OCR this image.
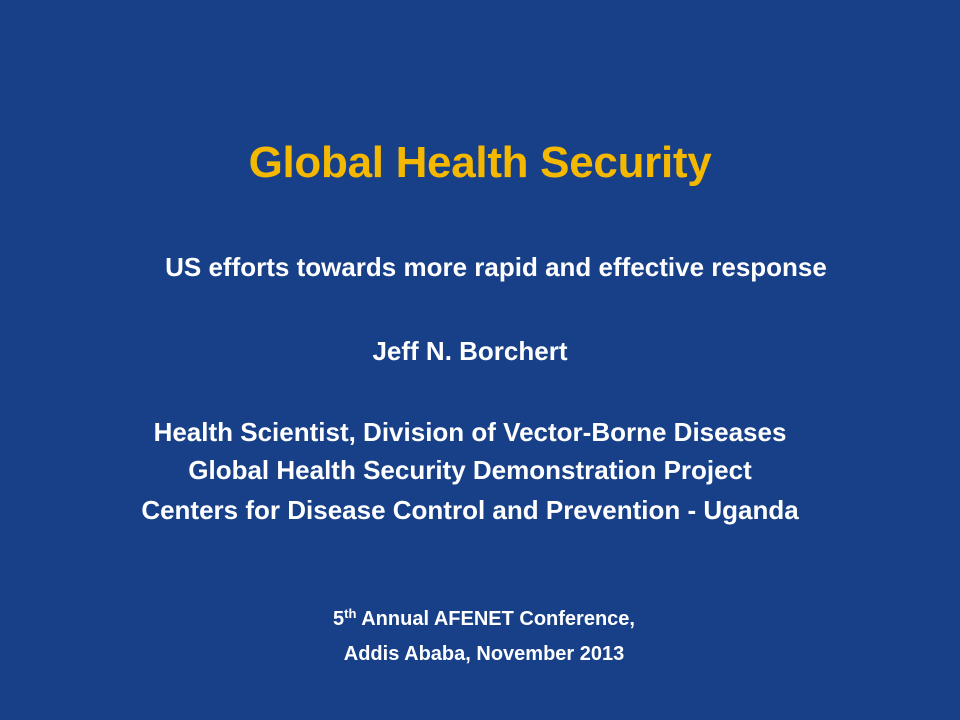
Global Health Security
US efforts towards more rapid and effective response
Jeff N. Borchert
Health Scientist, Division of Vector-Borne Diseases
Global Health Security Demonstration Project
Centers for Disease Control and Prevention - Uganda
5th Annual AFENET Conference,
Addis Ababa, November 2013
